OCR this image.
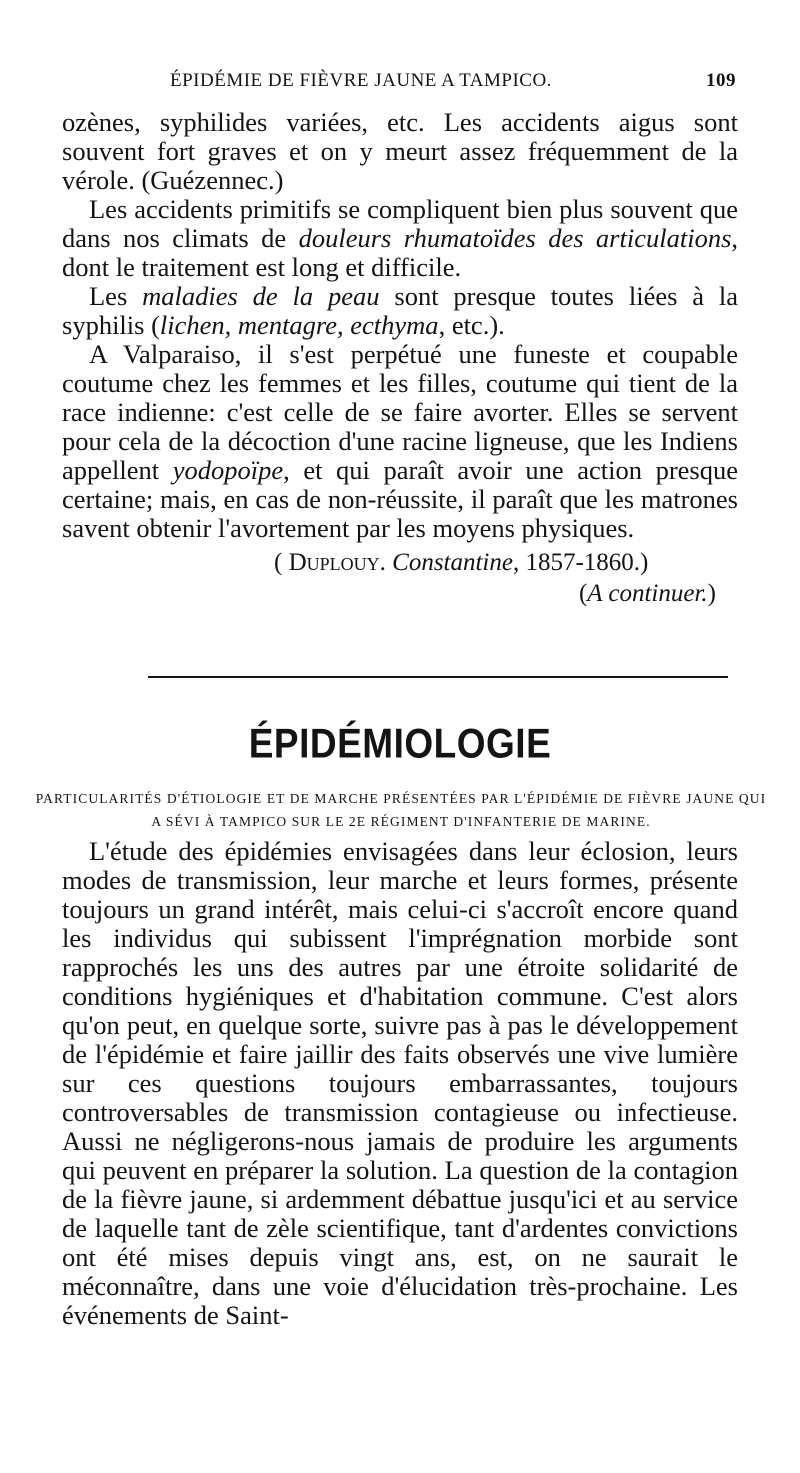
ÉPIDÉMIE DE FIÈVRE JAUNE A TAMPICO.	109

ozènes, syphilides variées, etc. Les accidents aigus sont souvent fort graves et on y meurt assez fréquemment de la vérole. (Guézennec.)

Les accidents primitifs se compliquent bien plus souvent que dans nos climats de douleurs rhumatoïdes des articulations, dont le traitement est long et difficile.

Les maladies de la peau sont presque toutes liées à la syphilis (lichen, mentagre, ecthyma, etc.).

A Valparaiso, il s'est perpétué une funeste et coupable coutume chez les femmes et les filles, coutume qui tient de la race indienne: c'est celle de se faire avorter. Elles se servent pour cela de la décoction d'une racine ligneuse, que les Indiens appellent yodopoïpe, et qui paraît avoir une action presque certaine; mais, en cas de non-réussite, il paraît que les matrones savent obtenir l'avortement par les moyens physiques.

( Duplouy. Constantine, 1857-1860.)
(A continuer.)
ÉPIDÉMIOLOGIE
PARTICULARITÉS D'ÉTIOLOGIE ET DE MARCHE PRÉSENTÉES PAR L'ÉPIDÉMIE DE FIÈVRE JAUNE QUI A SÉVI À TAMPICO SUR LE 2E RÉGIMENT D'INFANTERIE DE MARINE.

L'étude des épidémies envisagées dans leur éclosion, leurs modes de transmission, leur marche et leurs formes, présente toujours un grand intérêt, mais celui-ci s'accroît encore quand les individus qui subissent l'imprégnation morbide sont rapprochés les uns des autres par une étroite solidarité de conditions hygiéniques et d'habitation commune. C'est alors qu'on peut, en quelque sorte, suivre pas à pas le développement de l'épidémie et faire jaillir des faits observés une vive lumière sur ces questions toujours embarrassantes, toujours controversables de transmission contagieuse ou infectieuse. Aussi ne négligerons-nous jamais de produire les arguments qui peuvent en préparer la solution. La question de la contagion de la fièvre jaune, si ardemment débattue jusqu'ici et au service de laquelle tant de zèle scientifique, tant d'ardentes convictions ont été mises depuis vingt ans, est, on ne saurait le méconnaître, dans une voie d'élucidation très-prochaine. Les événements de Saint-
